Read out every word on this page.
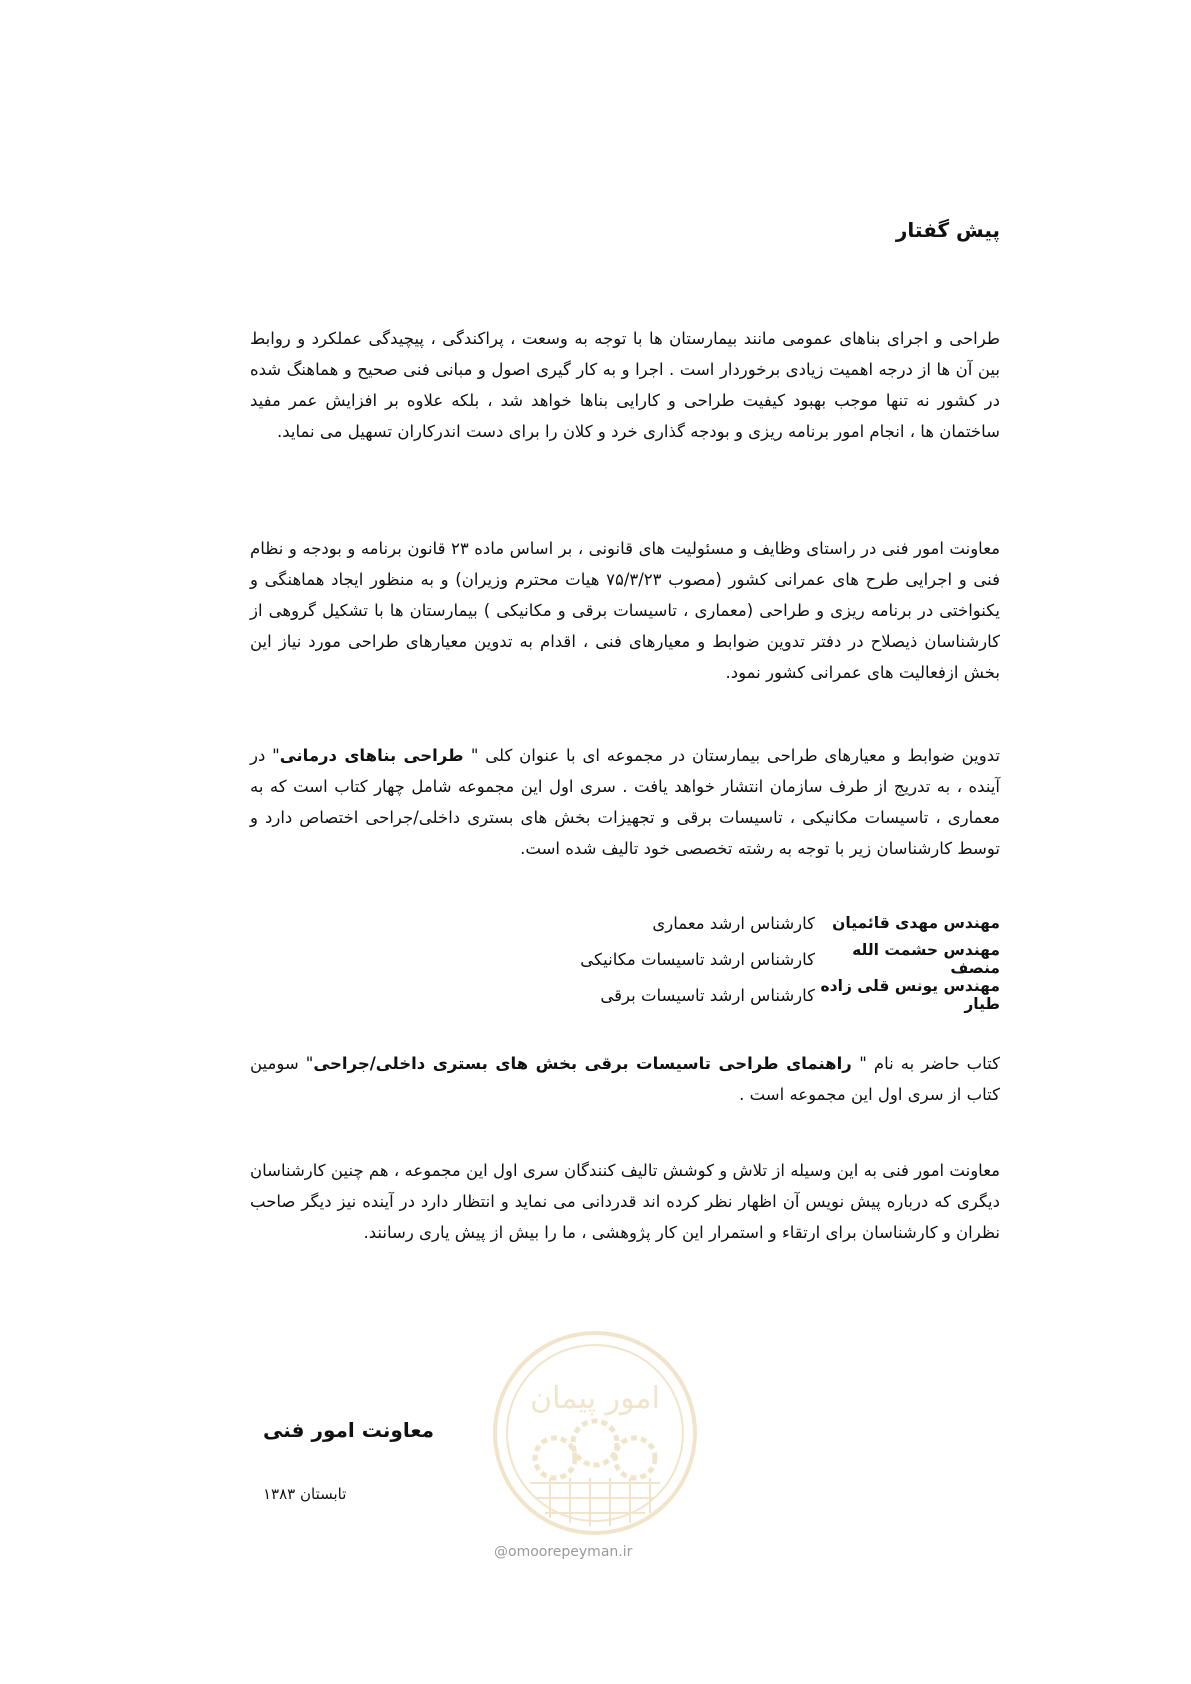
پیش گفتار
طراحی و اجرای بناهای عمومی مانند بیمارستان ها با توجه به وسعت ، پراکندگی ، پیچیدگی عملکرد و روابط بین آن ها از درجه اهمیت زیادی برخوردار است . اجرا و به کار گیری اصول و مبانی فنی صحیح و هماهنگ شده در کشور نه تنها موجب بهبود کیفیت طراحی و کارایی بناها خواهد شد ، بلکه علاوه بر افزایش عمر مفید ساختمان ها ، انجام امور برنامه ریزی و بودجه گذاری خرد و کلان را برای دست اندرکاران تسهیل می نماید.
معاونت امور فنی در راستای وظایف و مسئولیت های قانونی ، بر اساس ماده ۲۳ قانون برنامه و بودجه و نظام فنی و اجرایی طرح های عمرانی کشور (مصوب ۷۵/۳/۲۳ هیات محترم وزیران) و به منظور ایجاد هماهنگی و یکنواختی در برنامه ریزی و طراحی (معماری ، تاسیسات برقی و مکانیکی ) بیمارستان ها با تشکیل گروهی از کارشناسان ذیصلاح در دفتر تدوین ضوابط و معیارهای فنی ، اقدام به تدوین معیارهای طراحی مورد نیاز این بخش ازفعالیت های عمرانی کشور نمود.
تدوین ضوابط و معیارهای طراحی بیمارستان در مجموعه ای با عنوان کلی " طراحی بناهای درمانی" در آینده ، به تدریج از طرف سازمان انتشار خواهد یافت . سری اول این مجموعه شامل چهار کتاب است که به معماری ، تاسیسات مکانیکی ، تاسیسات برقی و تجهیزات بخش های بستری داخلی/جراحی اختصاص دارد و توسط کارشناسان زیر با توجه به رشته تخصصی خود تالیف شده است.
مهندس مهدی قائمیان
کارشناس ارشد معماری
مهندس حشمت الله منصف
کارشناس ارشد تاسیسات مکانیکی
مهندس یونس قلی زاده طیار
کارشناس ارشد تاسیسات برقی
کتاب حاضر به نام " راهنمای طراحی تاسیسات برقی بخش های بستری داخلی/جراحی" سومین کتاب از سری اول این مجموعه است .
معاونت امور فنی به این وسیله از تلاش و کوشش تالیف کنندگان سری اول این مجموعه ، هم چنین کارشناسان دیگری که درباره پیش نویس آن اظهار نظر کرده اند قدردانی می نماید و انتظار دارد در آینده نیز دیگر صاحب نظران و کارشناسان برای ارتقاء و استمرار این کار پژوهشی ، ما را بیش از پیش یاری رسانند.
امور پیمان
@omoorepeyman.ir
معاونت امور فنی
تابستان ۱۳۸۳
